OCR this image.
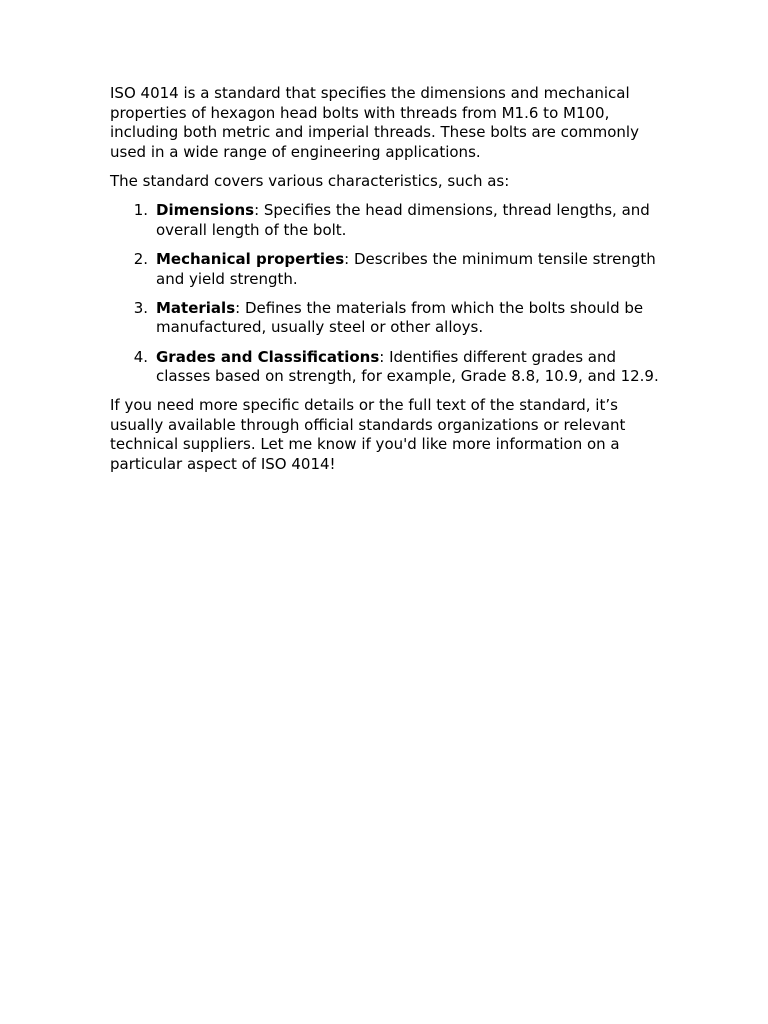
ISO 4014 is a standard that specifies the dimensions and mechanical properties of hexagon head bolts with threads from M1.6 to M100, including both metric and imperial threads. These bolts are commonly used in a wide range of engineering applications.

The standard covers various characteristics, such as:

1. Dimensions: Specifies the head dimensions, thread lengths, and overall length of the bolt.
2. Mechanical properties: Describes the minimum tensile strength and yield strength.
3. Materials: Defines the materials from which the bolts should be manufactured, usually steel or other alloys.
4. Grades and Classifications: Identifies different grades and classes based on strength, for example, Grade 8.8, 10.9, and 12.9.

If you need more specific details or the full text of the standard, it’s usually available through official standards organizations or relevant technical suppliers. Let me know if you'd like more information on a particular aspect of ISO 4014!
